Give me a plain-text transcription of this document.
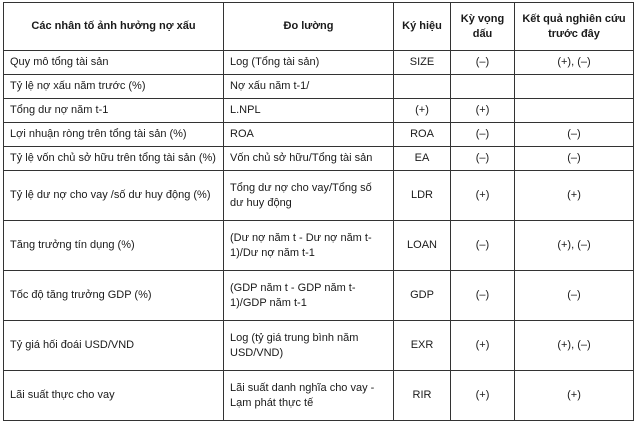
Các nhân tố ảnh hưởng nợ xấu	Đo lường	Ký hiệu	Kỳ vọng dấu	Kết quả nghiên cứu trước đây
Quy mô tổng tài sản	Log (Tổng tài sản)	SIZE	(–)	(+), (–)
Tỷ lệ nợ xấu năm trước (%)	Nợ xấu năm t-1/			
Tổng dư nợ năm t-1	L.NPL	(+)	(+)	
Lợi nhuận ròng trên tổng tài sản (%)	ROA	ROA	(–)	(–)
Tỷ lệ vốn chủ sở hữu trên tổng tài sản (%)	Vốn chủ sở hữu/Tổng tài sản	EA	(–)	(–)
Tỷ lệ dư nợ cho vay /số dư huy động (%)	Tổng dư nợ cho vay/Tổng số dư huy động	LDR	(+)	(+)
Tăng trưởng tín dụng (%)	(Dư nợ năm t - Dư nợ năm t-1)/Dư nợ năm t-1	LOAN	(–)	(+), (–)
Tốc độ tăng trưởng GDP (%)	(GDP năm t - GDP năm t-1)/GDP năm t-1	GDP	(–)	(–)
Tỷ giá hối đoái USD/VND	Log (tỷ giá trung bình năm USD/VND)	EXR	(+)	(+), (–)
Lãi suất thực cho vay	Lãi suất danh nghĩa cho vay - Lạm phát thực tế	RIR	(+)	(+)
